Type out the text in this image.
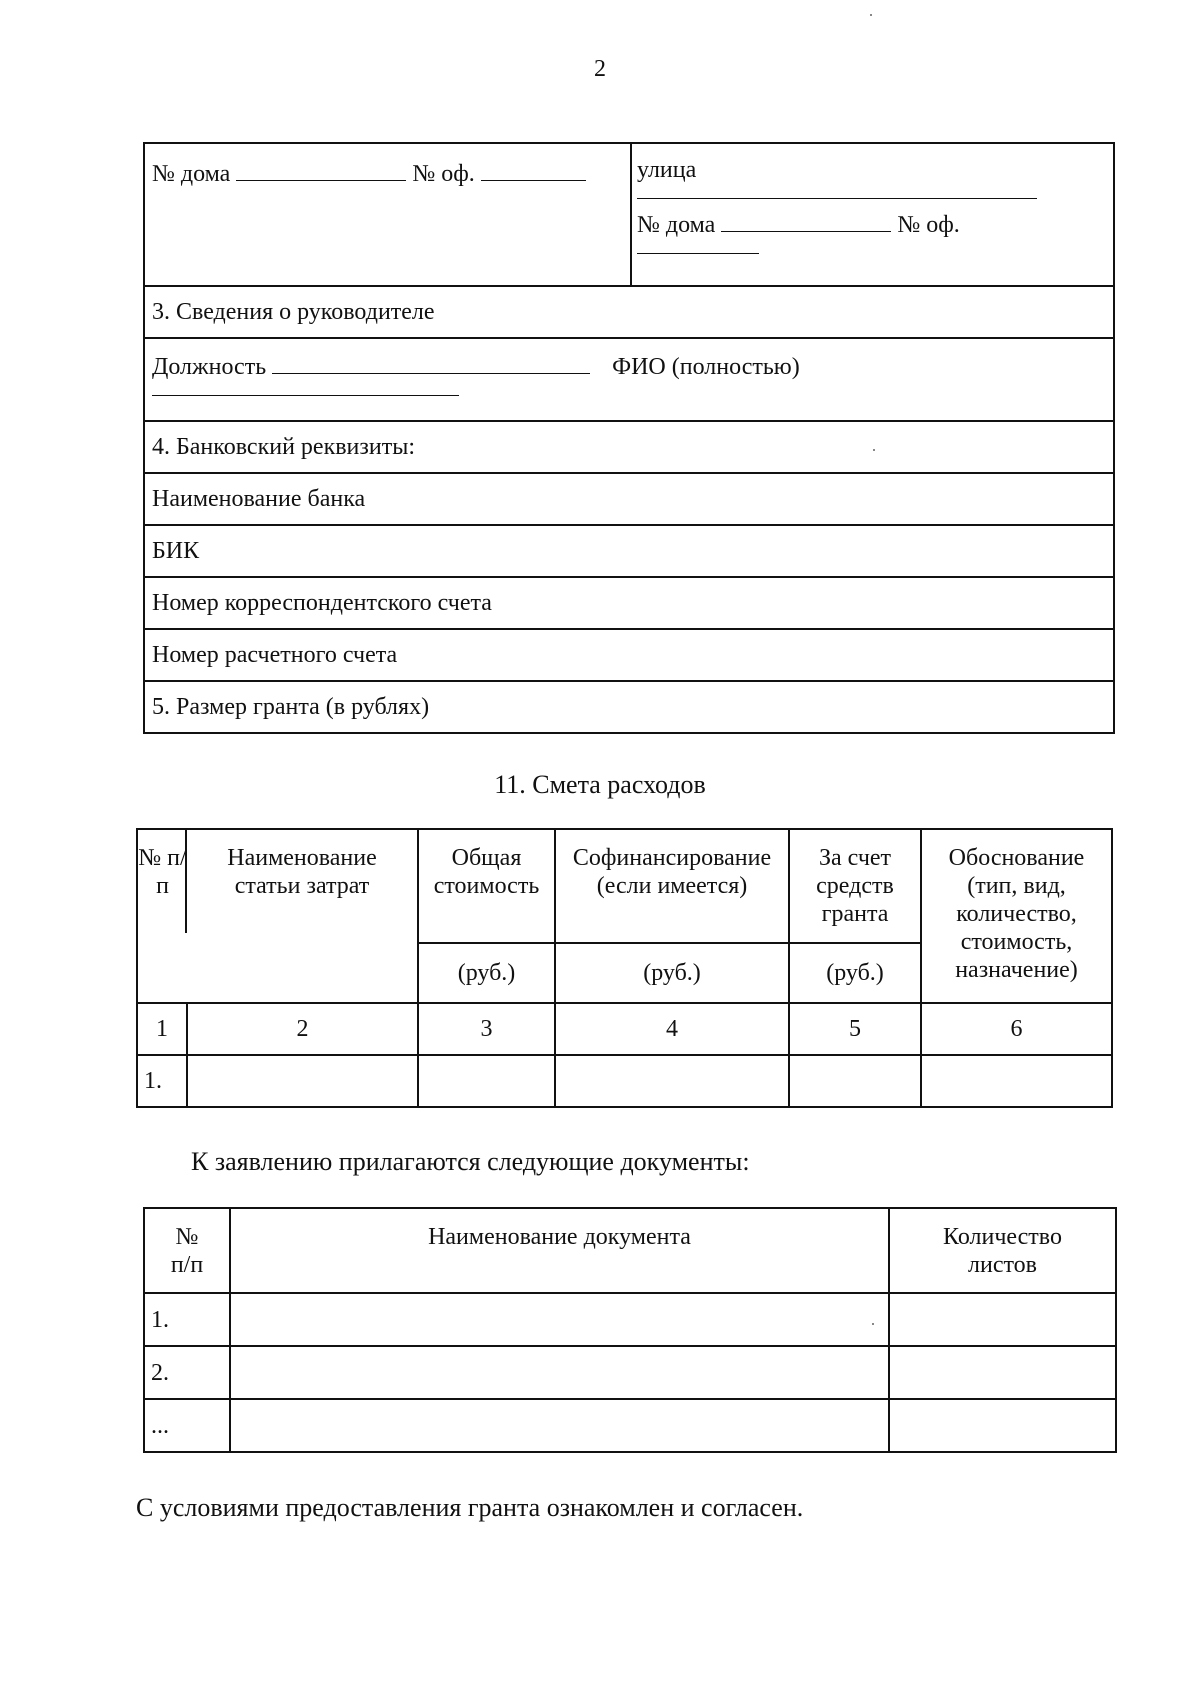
2
№ дома	№ оф.	улица
№ дома	№ оф.

3. Сведения о руководителе
Должность	ФИО (полностью)

4. Банковский реквизиты:
Наименование банка
БИК
Номер корреспондентского счета
Номер расчетного счета
5. Размер гранта (в рублях)
11. Смета расходов
№ п/п	Наименование статьи затрат	Общая стоимость	Софинансирование (если имеется)	За счет средств гранта	Обоснование (тип, вид, количество, стоимость, назначение)
		(руб.)	(руб.)	(руб.)	
1	2	3	4	5	6
1.					
К заявлению прилагаются следующие документы:
№ п/п	Наименование документа	Количество листов
1.		
2.		
...		
С условиями предоставления гранта ознакомлен и согласен.
